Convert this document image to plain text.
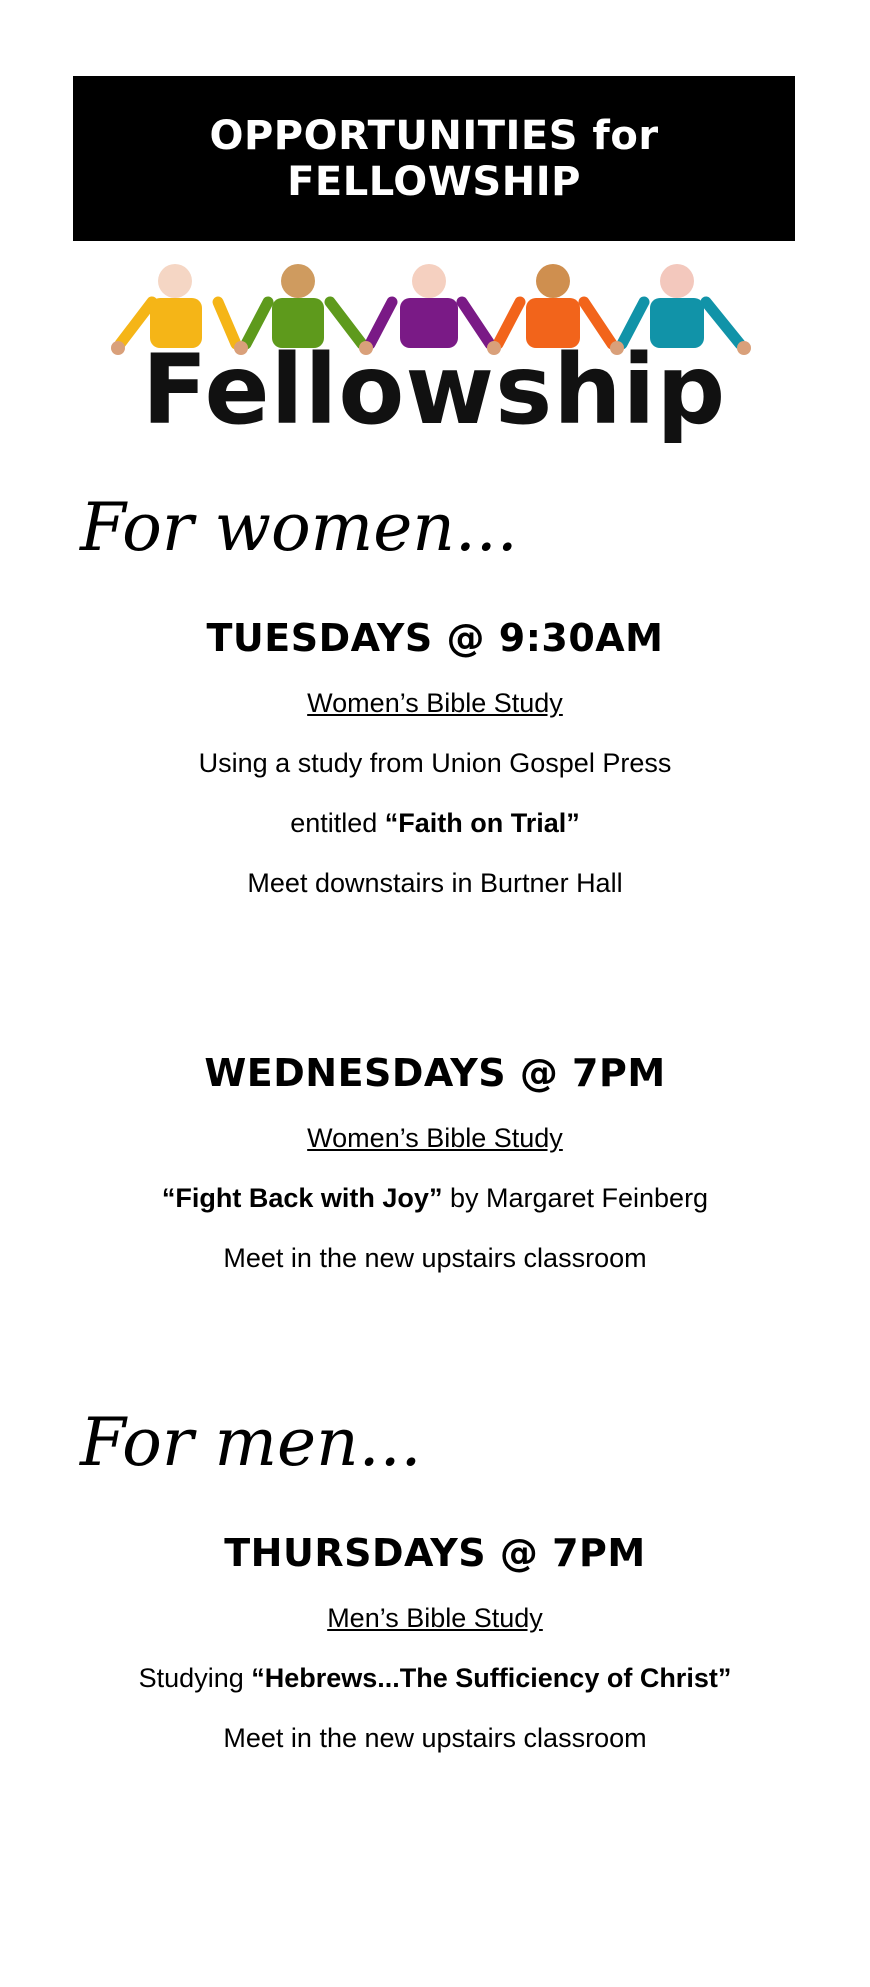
OPPORTUNITIES for
FELLOWSHIP
Fellowship
For women...
TUESDAYS @ 9:30AM
Women’s Bible Study
Using a study from Union Gospel Press
entitled “Faith on Trial”
Meet downstairs in Burtner Hall
WEDNESDAYS @ 7PM
Women’s Bible Study
“Fight Back with Joy” by Margaret Feinberg
Meet in the new upstairs classroom
For men...
THURSDAYS @ 7PM
Men’s Bible Study
Studying “Hebrews...The Sufficiency of Christ”
Meet in the new upstairs classroom
